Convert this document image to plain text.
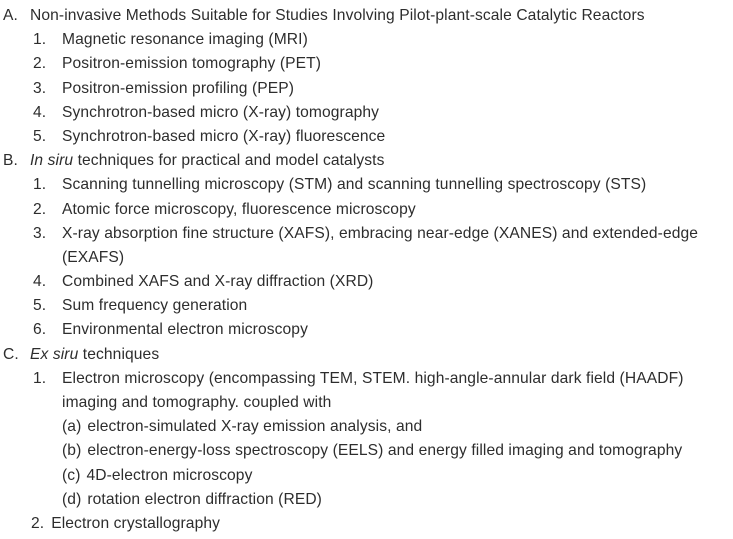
A. Non-invasive Methods Suitable for Studies Involving Pilot-plant-scale Catalytic Reactors
1.	Magnetic resonance imaging (MRI)
2.	Positron-emission tomography (PET)
3.	Positron-emission profiling (PEP)
4.	Synchrotron-based micro (X-ray) tomography
5.	Synchrotron-based micro (X-ray) fluorescence
B. In siru techniques for practical and model catalysts
1.	Scanning tunnelling microscopy (STM) and scanning tunnelling spectroscopy (STS)
2.	Atomic force microscopy, fluorescence microscopy
3.	X-ray absorption fine structure (XAFS), embracing near-edge (XANES) and extended-edge
(EXAFS)
4.	Combined XAFS and X-ray diffraction (XRD)
5.	Sum frequency generation
6.	Environmental electron microscopy
C. Ex siru techniques
1.	Electron microscopy (encompassing TEM, STEM. high-angle-annular dark field (HAADF)
imaging and tomography. coupled with
(a) electron-simulated X-ray emission analysis, and
(b) electron-energy-loss spectroscopy (EELS) and energy filled imaging and tomography
(c) 4D-electron microscopy
(d) rotation electron diffraction (RED)
2. Electron crystallography
